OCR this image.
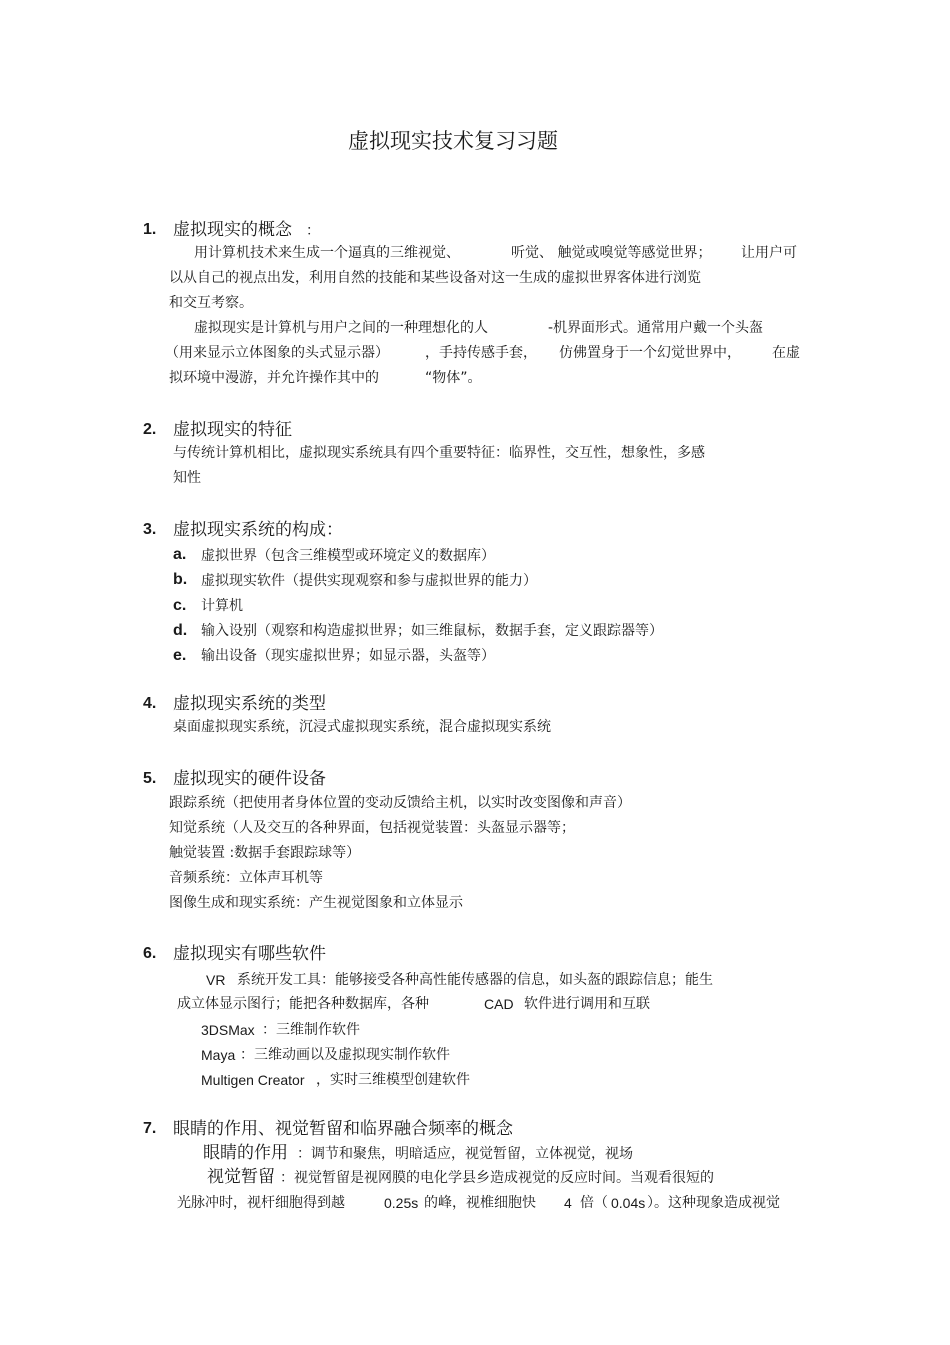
虚拟现实技术复习习题
1. 虚拟现实的概念 ：
用计算机技术来生成一个逼真的三维视觉、	听觉、 触觉或嗅觉等感觉世界； 让用户可
以从自己的视点出发，利用自然的技能和某些设备对这一生成的虚拟世界客体进行浏览
和交互考察。
虚拟现实是计算机与用户之间的一种理想化的人	-机界面形式。通常用户戴一个头盔
（用来显示立体图象的头式显示器）	，手持传感手套， 仿佛置身于一个幻觉世界中， 在虚
拟环境中漫游，并允许操作其中的	“物体”。
2. 虚拟现实的特征
与传统计算机相比，虚拟现实系统具有四个重要特征：临界性，交互性，想象性，多感
知性
3. 虚拟现实系统的构成：
a. 虚拟世界（包含三维模型或环境定义的数据库）
b. 虚拟现实软件（提供实现观察和参与虚拟世界的能力）
c. 计算机
d. 输入设别（观察和构造虚拟世界；如三维鼠标，数据手套，定义跟踪器等）
e. 输出设备（现实虚拟世界；如显示器，头盔等）
4. 虚拟现实系统的类型
桌面虚拟现实系统，沉浸式虚拟现实系统，混合虚拟现实系统
5. 虚拟现实的硬件设备
跟踪系统（把使用者身体位置的变动反馈给主机，以实时改变图像和声音）
知觉系统（人及交互的各种界面，包括视觉装置：头盔显示器等；
触觉装置 :数据手套跟踪球等）
音频系统：立体声耳机等
图像生成和现实系统：产生视觉图象和立体显示
6. 虚拟现实有哪些软件
VR 系统开发工具：能够接受各种高性能传感器的信息，如头盔的跟踪信息；能生
成立体显示图行；能把各种数据库，各种	CAD 软件进行调用和互联
3DSMax ：三维制作软件
Maya ：三维动画以及虚拟现实制作软件
Multigen Creator ，实时三维模型创建软件
7. 眼睛的作用、视觉暂留和临界融合频率的概念
眼睛的作用 ：调节和聚焦，明暗适应，视觉暂留，立体视觉，视场
视觉暂留 ：视觉暂留是视网膜的电化学县乡造成视觉的反应时间。当观看很短的
光脉冲时，视杆细胞得到越	0.25s 的峰，视椎细胞快 4 倍（ 0.04s ）。这种现象造成视觉
